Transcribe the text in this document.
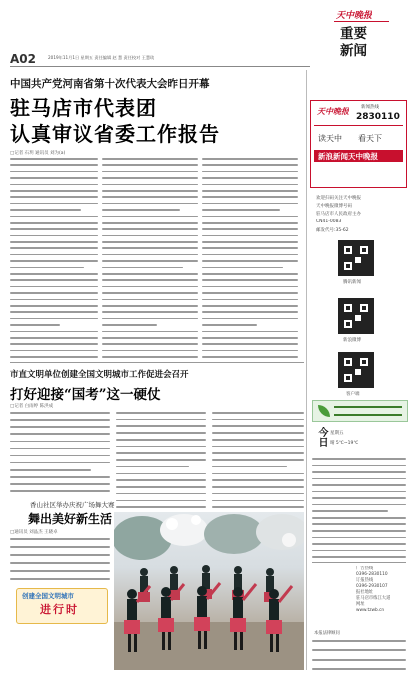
A02	2019年11月1日 星期五 责任编辑 赵 慧 责任校对 王慧琰
天中晚报
重要
新闻
中国共产党河南省第十次代表大会昨日开幕
驻马店市代表团
认真审议省委工作报告
□记者 石玥 通讯员 刘为(a)
天中晚报	新闻热线
2830110
读天中 看天下
新浪新闻天中晚报
欢迎扫码关注天中晚报
天中晚报微博号码
驻马店市人民政府主办
CN41-0083
邮发代号:35-62
腾讯新闻
新浪微博
客户端
今日 星期五
晴 5℃~19℃
广告热线
0396-2830110
订报热线
0396-2930107
报社地址
驻马店市练江大道
网址
www.tzwb.cn
本报法律顾问
市直文明单位创建全国文明城市工作促进会召开
打好迎接“国考”这一硬仗
□记者 白雨婷 陈洪成
香山社区举办庆祝广场舞大赛
舞出美好新生活
□通讯员 刘晶杰 王晓卓
创建全国文明城市
进行时
